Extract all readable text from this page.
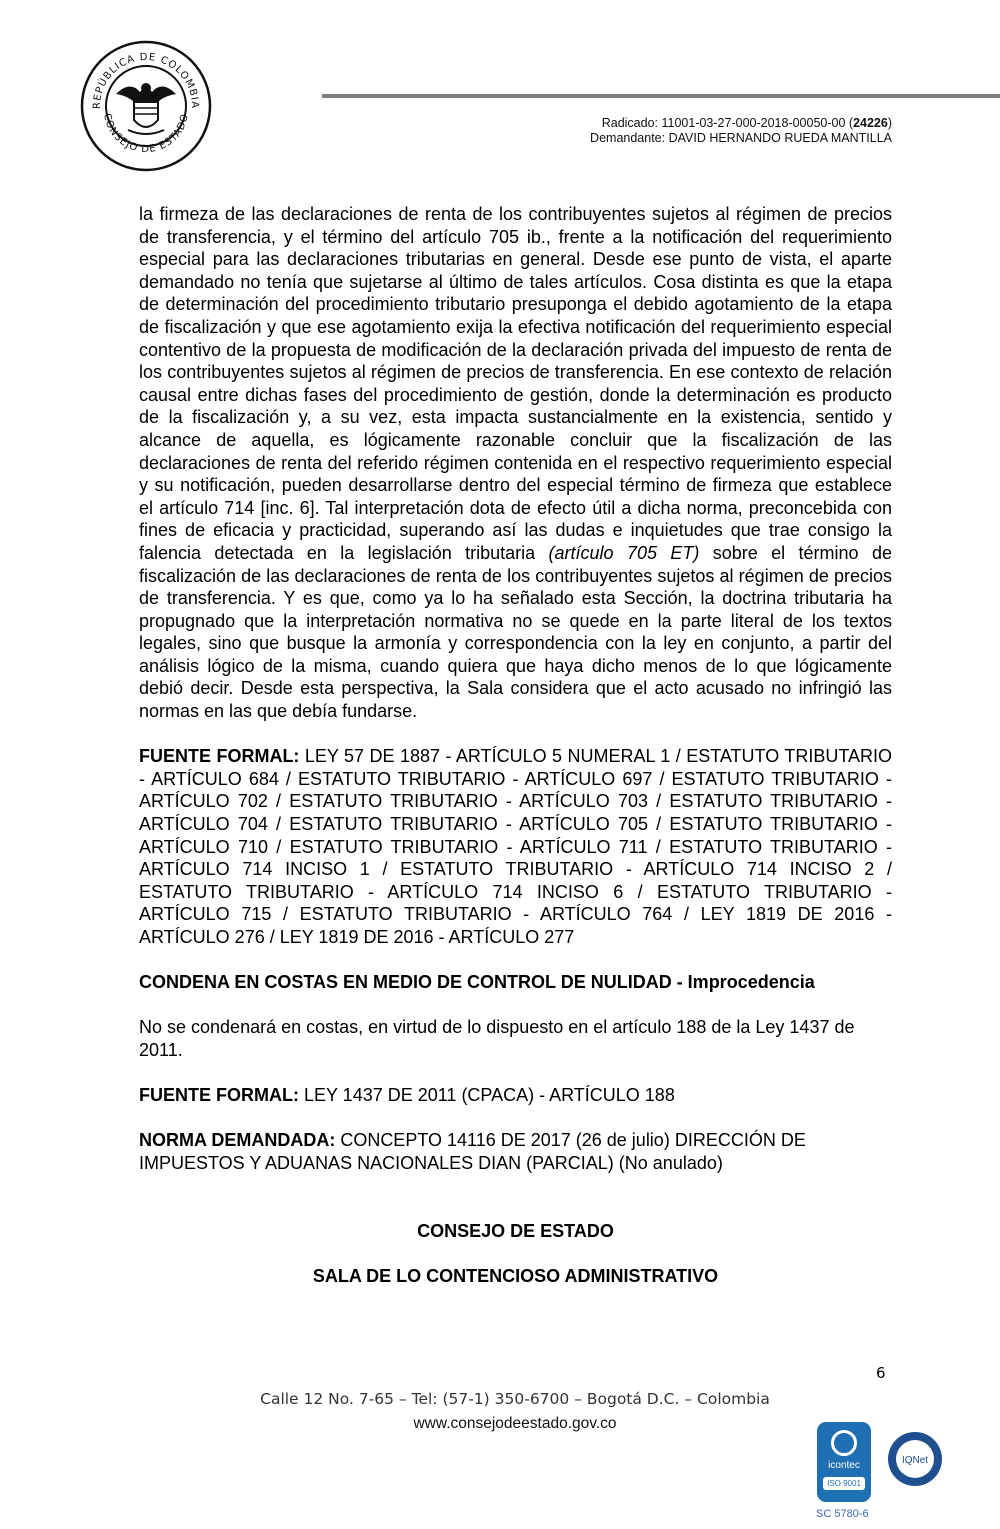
REPÚBLICA DE COLOMBIA
CONSEJO DE ESTADO	Radicado: 11001-03-27-000-2018-00050-00 (24226)
Demandante: DAVID HERNANDO RUEDA MANTILLA

la firmeza de las declaraciones de renta de los contribuyentes sujetos al régimen de precios de transferencia, y el término del artículo 705 ib., frente a la notificación del requerimiento especial para las declaraciones tributarias en general. Desde ese punto de vista, el aparte demandado no tenía que sujetarse al último de tales artículos. Cosa distinta es que la etapa de determinación del procedimiento tributario presuponga el debido agotamiento de la etapa de fiscalización y que ese agotamiento exija la efectiva notificación del requerimiento especial contentivo de la propuesta de modificación de la declaración privada del impuesto de renta de los contribuyentes sujetos al régimen de precios de transferencia. En ese contexto de relación causal entre dichas fases del procedimiento de gestión, donde la determinación es producto de la fiscalización y, a su vez, esta impacta sustancialmente en la existencia, sentido y alcance de aquella, es lógicamente razonable concluir que la fiscalización de las declaraciones de renta del referido régimen contenida en el respectivo requerimiento especial y su notificación, pueden desarrollarse dentro del especial término de firmeza que establece el artículo 714 [inc. 6]. Tal interpretación dota de efecto útil a dicha norma, preconcebida con fines de eficacia y practicidad, superando así las dudas e inquietudes que trae consigo la falencia detectada en la legislación tributaria (artículo 705 ET) sobre el término de fiscalización de las declaraciones de renta de los contribuyentes sujetos al régimen de precios de transferencia. Y es que, como ya lo ha señalado esta Sección, la doctrina tributaria ha propugnado que la interpretación normativa no se quede en la parte literal de los textos legales, sino que busque la armonía y correspondencia con la ley en conjunto, a partir del análisis lógico de la misma, cuando quiera que haya dicho menos de lo que lógicamente debió decir. Desde esta perspectiva, la Sala considera que el acto acusado no infringió las normas en las que debía fundarse.

FUENTE FORMAL: LEY 57 DE 1887 - ARTÍCULO 5 NUMERAL 1 / ESTATUTO TRIBUTARIO - ARTÍCULO 684 / ESTATUTO TRIBUTARIO - ARTÍCULO 697 / ESTATUTO TRIBUTARIO - ARTÍCULO 702 / ESTATUTO TRIBUTARIO - ARTÍCULO 703 / ESTATUTO TRIBUTARIO - ARTÍCULO 704 / ESTATUTO TRIBUTARIO - ARTÍCULO 705 / ESTATUTO TRIBUTARIO - ARTÍCULO 710 / ESTATUTO TRIBUTARIO - ARTÍCULO 711 / ESTATUTO TRIBUTARIO - ARTÍCULO 714 INCISO 1 / ESTATUTO TRIBUTARIO - ARTÍCULO 714 INCISO 2 / ESTATUTO TRIBUTARIO - ARTÍCULO 714 INCISO 6 / ESTATUTO TRIBUTARIO - ARTÍCULO 715 / ESTATUTO TRIBUTARIO - ARTÍCULO 764 / LEY 1819 DE 2016 - ARTÍCULO 276 / LEY 1819 DE 2016 - ARTÍCULO 277

CONDENA EN COSTAS EN MEDIO DE CONTROL DE NULIDAD - Improcedencia

No se condenará en costas, en virtud de lo dispuesto en el artículo 188 de la Ley 1437 de 2011.

FUENTE FORMAL: LEY 1437 DE 2011 (CPACA) - ARTÍCULO 188

NORMA DEMANDADA: CONCEPTO 14116 DE 2017 (26 de julio) DIRECCIÓN DE IMPUESTOS Y ADUANAS NACIONALES DIAN (PARCIAL) (No anulado)

CONSEJO DE ESTADO

SALA DE LO CONTENCIOSO ADMINISTRATIVO

6
Calle 12 No. 7-65 – Tel: (57-1) 350-6700 – Bogotá D.C. – Colombia
www.consejodeestado.gov.co
icontec
ISO 9001
IQNet
SC 5780-6
